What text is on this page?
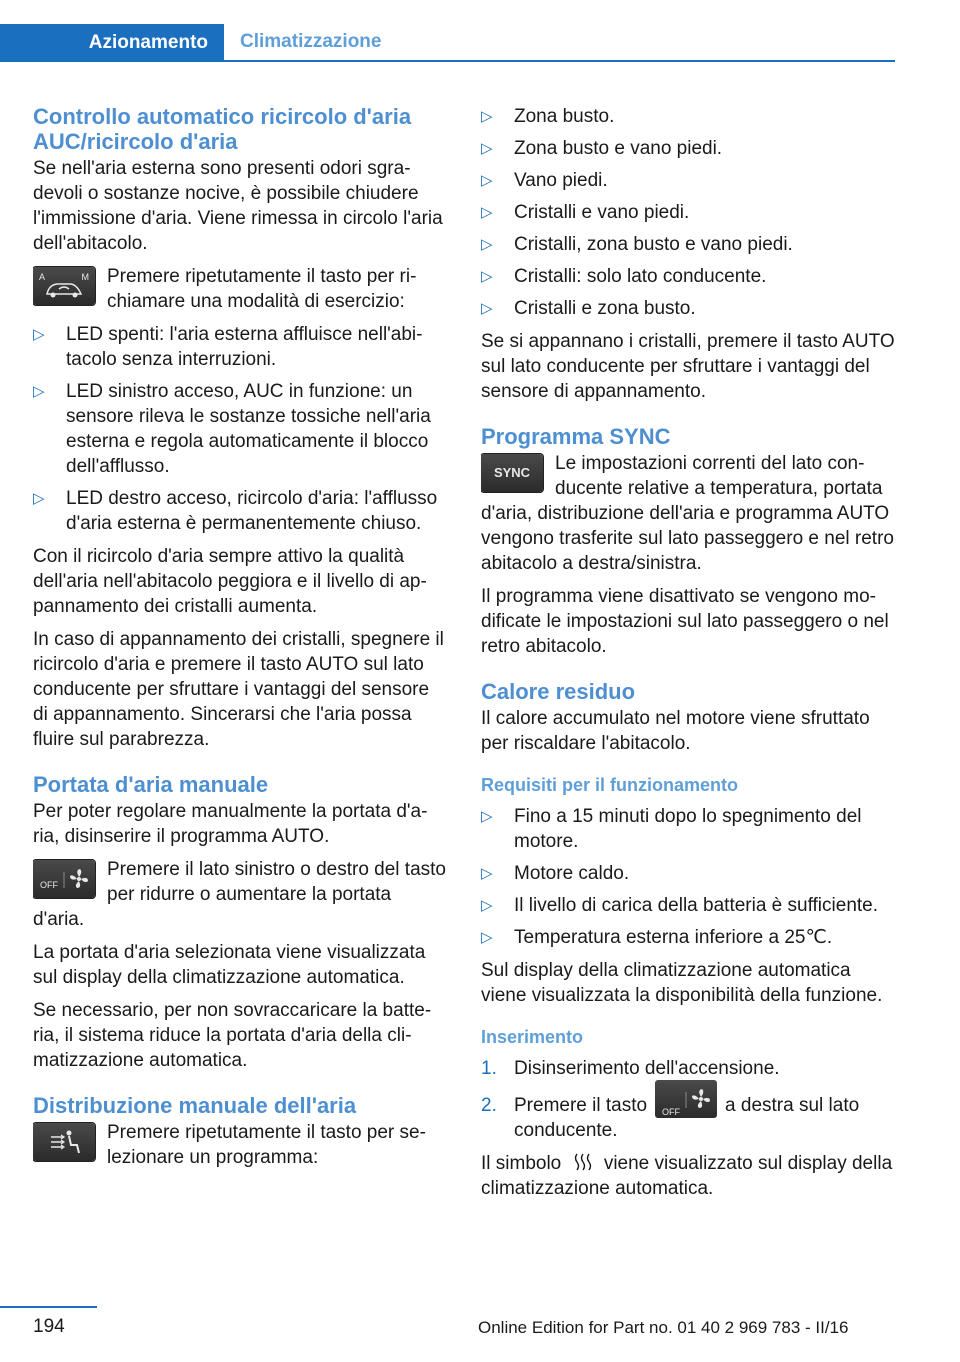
Azionamento	Climatizzazione
Controllo automatico ricircolo d'aria AUC/ricircolo d'aria

Se nell'aria esterna sono presenti odori sgradevoli o sostanze nocive, è possibile chiudere l'immissione d'aria. Viene rimessa in circolo l'aria dell'abitacolo.

A	M Premere ripetutamente il tasto per richiamare una modalità di esercizio:

▷ LED spenti: l'aria esterna affluisce nell'abitacolo senza interruzioni.
▷ LED sinistro acceso, AUC in funzione: un sensore rileva le sostanze tossiche nell'aria esterna e regola automaticamente il blocco dell'afflusso.
▷ LED destro acceso, ricircolo d'aria: l'afflusso d'aria esterna è permanentemente chiuso.

Con il ricircolo d'aria sempre attivo la qualità dell'aria nell'abitacolo peggiora e il livello di appannamento dei cristalli aumenta.

In caso di appannamento dei cristalli, spegnere il ricircolo d'aria e premere il tasto AUTO sul lato conducente per sfruttare i vantaggi del sensore di appannamento. Sincerarsi che l'aria possa fluire sul parabrezza.

Portata d'aria manuale

Per poter regolare manualmente la portata d'aria, disinserire il programma AUTO.

OFF

Premere il lato sinistro o destro del tasto per ridurre o aumentare la portata d'aria.

La portata d'aria selezionata viene visualizzata sul display della climatizzazione automatica.

Se necessario, per non sovraccaricare la batteria, il sistema riduce la portata d'aria della climatizzazione automatica.

Distribuzione manuale dell'aria

Premere ripetutamente il tasto per selezionare un programma:

▷ Zona busto.
▷ Zona busto e vano piedi.
▷ Vano piedi.
▷ Cristalli e vano piedi.
▷ Cristalli, zona busto e vano piedi.
▷ Cristalli: solo lato conducente.
▷ Cristalli e zona busto.

Se si appannano i cristalli, premere il tasto AUTO sul lato conducente per sfruttare i vantaggi del sensore di appannamento.

Programma SYNC
SYNC	Le impostazioni correnti del lato conducente relative a temperatura, portata d'aria, distribuzione dell'aria e programma AUTO vengono trasferite sul lato passeggero e nel retro abitacolo a destra/sinistra.

Il programma viene disattivato se vengono modificate le impostazioni sul lato passeggero o nel retro abitacolo.

Calore residuo

Il calore accumulato nel motore viene sfruttato per riscaldare l'abitacolo.

Requisiti per il funzionamento
▷ Fino a 15 minuti dopo lo spegnimento del motore.
▷ Motore caldo.
▷ Il livello di carica della batteria è sufficiente.
▷ Temperatura esterna inferiore a 25℃.

Sul display della climatizzazione automatica viene visualizzata la disponibilità della funzione.

Inserimento
1. Disinserimento dell'accensione.
2. Premere il tasto OFF a destra sul lato conducente.

Il simbolo viene visualizzato sul display della climatizzazione automatica.

194	Online Edition for Part no. 01 40 2 969 783 - II/16
